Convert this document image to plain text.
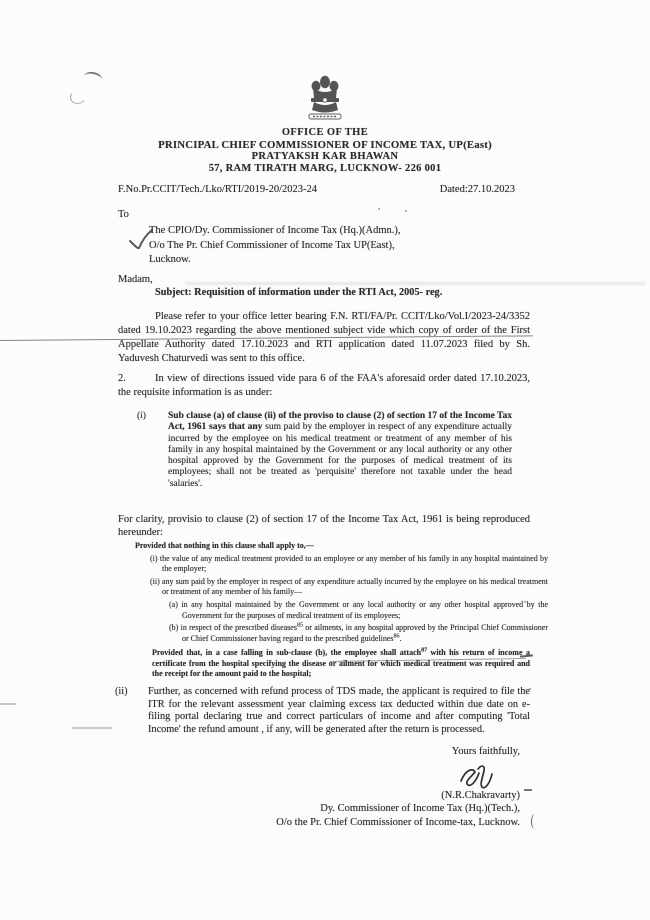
OFFICE OF THE
PRINCIPAL CHIEF COMMISSIONER OF INCOME TAX, UP(East)
PRATYAKSH KAR BHAWAN
57, RAM TIRATH MARG, LUCKNOW- 226 001
F.No.Pr.CCIT/Tech./Lko/RTI/2019-20/2023-24	Dated:27.10.2023
To
The CPIO/Dy. Commissioner of Income Tax (Hq.)(Admn.),
O/o The Pr. Chief Commissioner of Income Tax UP(East),
Lucknow.
Madam,
Subject: Requisition of information under the RTI Act, 2005- reg.

Please refer to your office letter bearing F.N. RTI/FA/Pr. CCIT/Lko/Vol.I/2023-24/3352 dated 19.10.2023 regarding the above mentioned subject vide which copy of order of the First Appellate Authority dated 17.10.2023 and RTI application dated 11.07.2023 filed by Sh. Yaduvesh Chaturvedi was sent to this office.

2.	In view of directions issued vide para 6 of the FAA's aforesaid order dated 17.10.2023, the requisite information is as under:

(i)	Sub clause (a) of clause (ii) of the proviso to clause (2) of section 17 of the Income Tax Act, 1961 says that any sum paid by the employer in respect of any expenditure actually incurred by the employee on his medical treatment or treatment of any member of his family in any hospital maintained by the Government or any local authority or any other hospital approved by the Government for the purposes of medical treatment of its employees; shall not be treated as 'perquisite' therefore not taxable under the head 'salaries'.

For clarity, provisio to clause (2) of section 17 of the Income Tax Act, 1961 is being reproduced hereunder:

Provided that nothing in this clause shall apply to,—

(i) the value of any medical treatment provided to an employee or any member of his family in any hospital maintained by the employer;

(ii) any sum paid by the employer in respect of any expenditure actually incurred by the employee on his medical treatment or treatment of any member of his family—

(a) in any hospital maintained by the Government or any local authority or any other hospital approved by the Government for the purposes of medical treatment of its employees;

(b) in respect of the prescribed diseases$^{85}$ or ailments, in any hospital approved by the Principal Chief Commissioner or Chief Commissioner having regard to the prescribed guidelines$^{86}$.

Provided that, in a case falling in sub-clause (b), the employee shall attach$^{87}$ with his return of income a certificate from the hospital specifying the disease or ailment for which medical treatment was required and the receipt for the amount paid to the hospital;

(ii)	Further, as concerned with refund process of TDS made, the applicant is required to file the ITR for the relevant assessment year claiming excess tax deducted within due date on e-filing portal declaring true and correct particulars of income and after computing 'Total Income' the refund amount , if any, will be generated after the return is processed.

Yours faithfully,
(N.R.Chakravarty)
Dy. Commissioner of Income Tax (Hq.)(Tech.),
O/o the Pr. Chief Commissioner of Income-tax, Lucknow.
